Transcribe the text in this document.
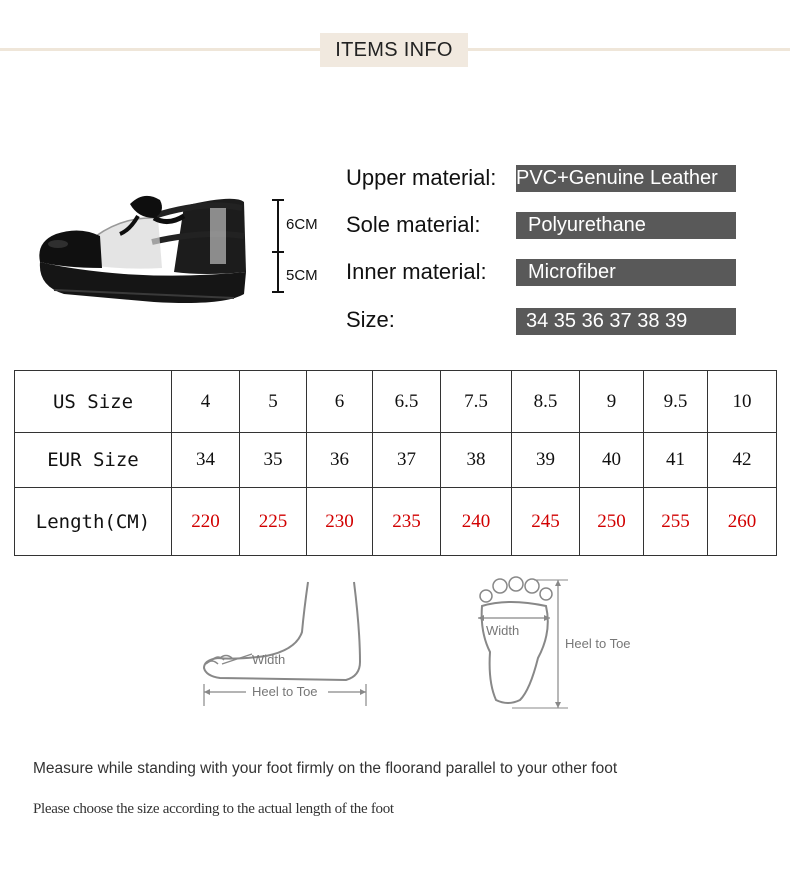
ITEMS INFO
6CM
5CM
Upper material: PVC+Genuine Leather
Sole material:	Polyurethane
Inner material:	Microfiber
Size:	34 35 36 37 38 39
US Size	4	5	6	6.5	7.5	8.5	9	9.5	10
EUR Size	34	35	36	37	38	39	40	41	42
Length(CM)	220	225	230	235	240	245	250	255	260
Width
Heel to Toe
Width
Heel to Toe
Measure while standing with your foot firmly on the floorand parallel to your other foot
Please choose the size according to the actual length of the foot
